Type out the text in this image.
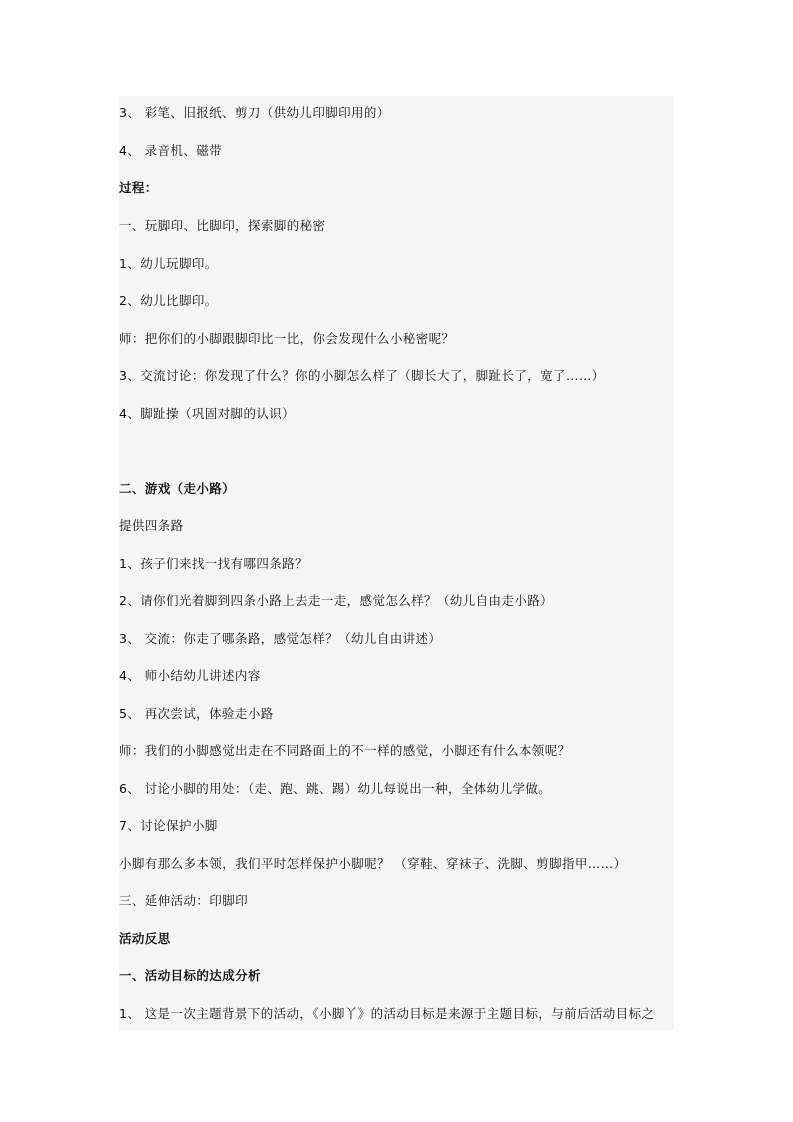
3、 彩笔、旧报纸、剪刀（供幼儿印脚印用的）
4、 录音机、磁带
过程：
一、玩脚印、比脚印，探索脚的秘密
1、幼儿玩脚印。
2、幼儿比脚印。
师：把你们的小脚跟脚印比一比，你会发现什么小秘密呢？
3、交流讨论：你发现了什么？你的小脚怎么样了（脚长大了，脚趾长了，宽了……）
4、脚趾操（巩固对脚的认识）
二、游戏（走小路）
提供四条路
1、孩子们来找一找有哪四条路？
2、请你们光着脚到四条小路上去走一走，感觉怎么样？（幼儿自由走小路）
3、 交流：你走了哪条路，感觉怎样？（幼儿自由讲述）
4、 师小结幼儿讲述内容
5、 再次尝试，体验走小路
师：我们的小脚感觉出走在不同路面上的不一样的感觉，小脚还有什么本领呢？
6、 讨论小脚的用处：（走、跑、跳、踢）幼儿每说出一种，全体幼儿学做。
7、讨论保护小脚
小脚有那么多本领，我们平时怎样保护小脚呢？ （穿鞋、穿袜子、洗脚、剪脚指甲……）
三、延伸活动：印脚印
活动反思
一、活动目标的达成分析
1、 这是一次主题背景下的活动，《小脚丫》的活动目标是来源于主题目标，与前后活动目标之
